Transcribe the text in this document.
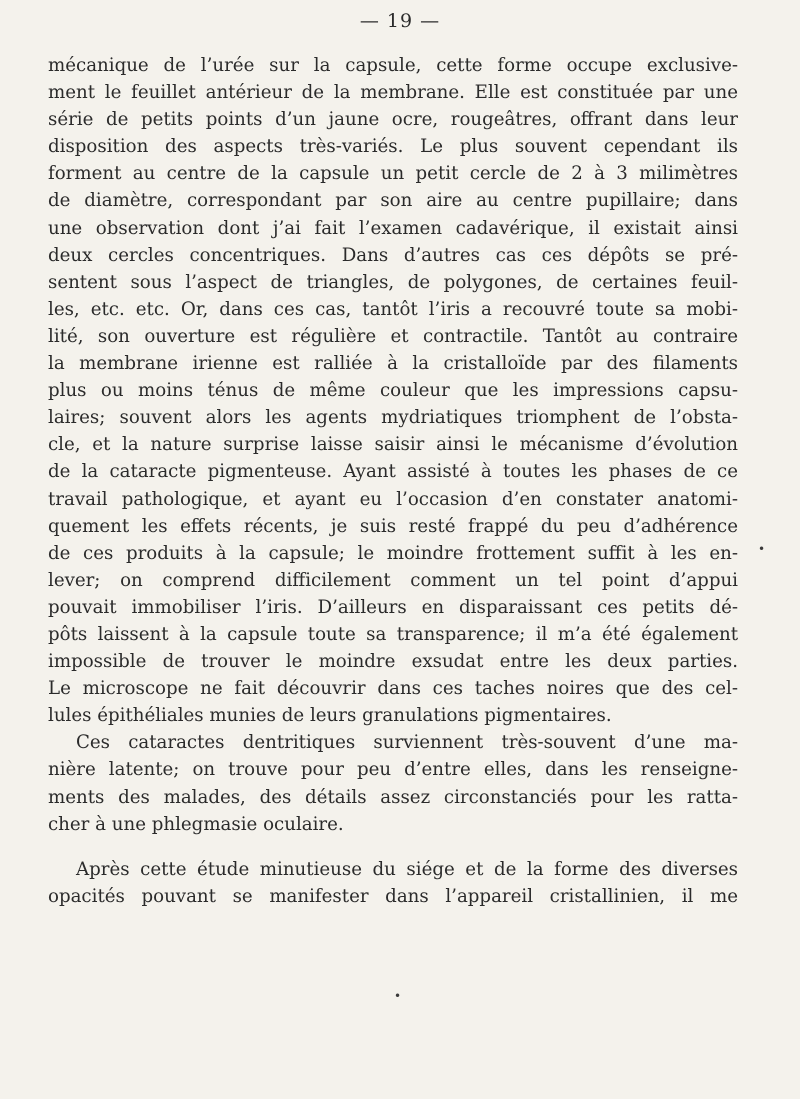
— 19 —
mécanique de l’urée sur la capsule, cette forme occupe exclusive-
ment le feuillet antérieur de la membrane. Elle est constituée par une
série de petits points d’un jaune ocre, rougeâtres, offrant dans leur
disposition des aspects très-variés. Le plus souvent cependant ils
forment au centre de la capsule un petit cercle de 2 à 3 milimètres
de diamètre, correspondant par son aire au centre pupillaire; dans
une observation dont j’ai fait l’examen cadavérique, il existait ainsi
deux cercles concentriques. Dans d’autres cas ces dépôts se pré-
sentent sous l’aspect de triangles, de polygones, de certaines feuil-
les, etc. etc. Or, dans ces cas, tantôt l’iris a recouvré toute sa mobi-
lité, son ouverture est régulière et contractile. Tantôt au contraire
la membrane irienne est ralliée à la cristalloïde par des filaments
plus ou moins ténus de même couleur que les impressions capsu-
laires; souvent alors les agents mydriatiques triomphent de l’obsta-
cle, et la nature surprise laisse saisir ainsi le mécanisme d’évolution
de la cataracte pigmenteuse. Ayant assisté à toutes les phases de ce
travail pathologique, et ayant eu l’occasion d’en constater anatomi-
quement les effets récents, je suis resté frappé du peu d’adhérence
de ces produits à la capsule; le moindre frottement suffit à les en-
lever; on comprend difficilement comment un tel point d’appui
pouvait immobiliser l’iris. D’ailleurs en disparaissant ces petits dé-
pôts laissent à la capsule toute sa transparence; il m’a été également
impossible de trouver le moindre exsudat entre les deux parties.
Le microscope ne fait découvrir dans ces taches noires que des cel-
lules épithéliales munies de leurs granulations pigmentaires.
Ces cataractes dentritiques surviennent très-souvent d’une ma-
nière latente; on trouve pour peu d’entre elles, dans les renseigne-
ments des malades, des détails assez circonstanciés pour les ratta-
cher à une phlegmasie oculaire.
Après cette étude minutieuse du siége et de la forme des diverses
opacités pouvant se manifester dans l’appareil cristallinien, il me
•
•
